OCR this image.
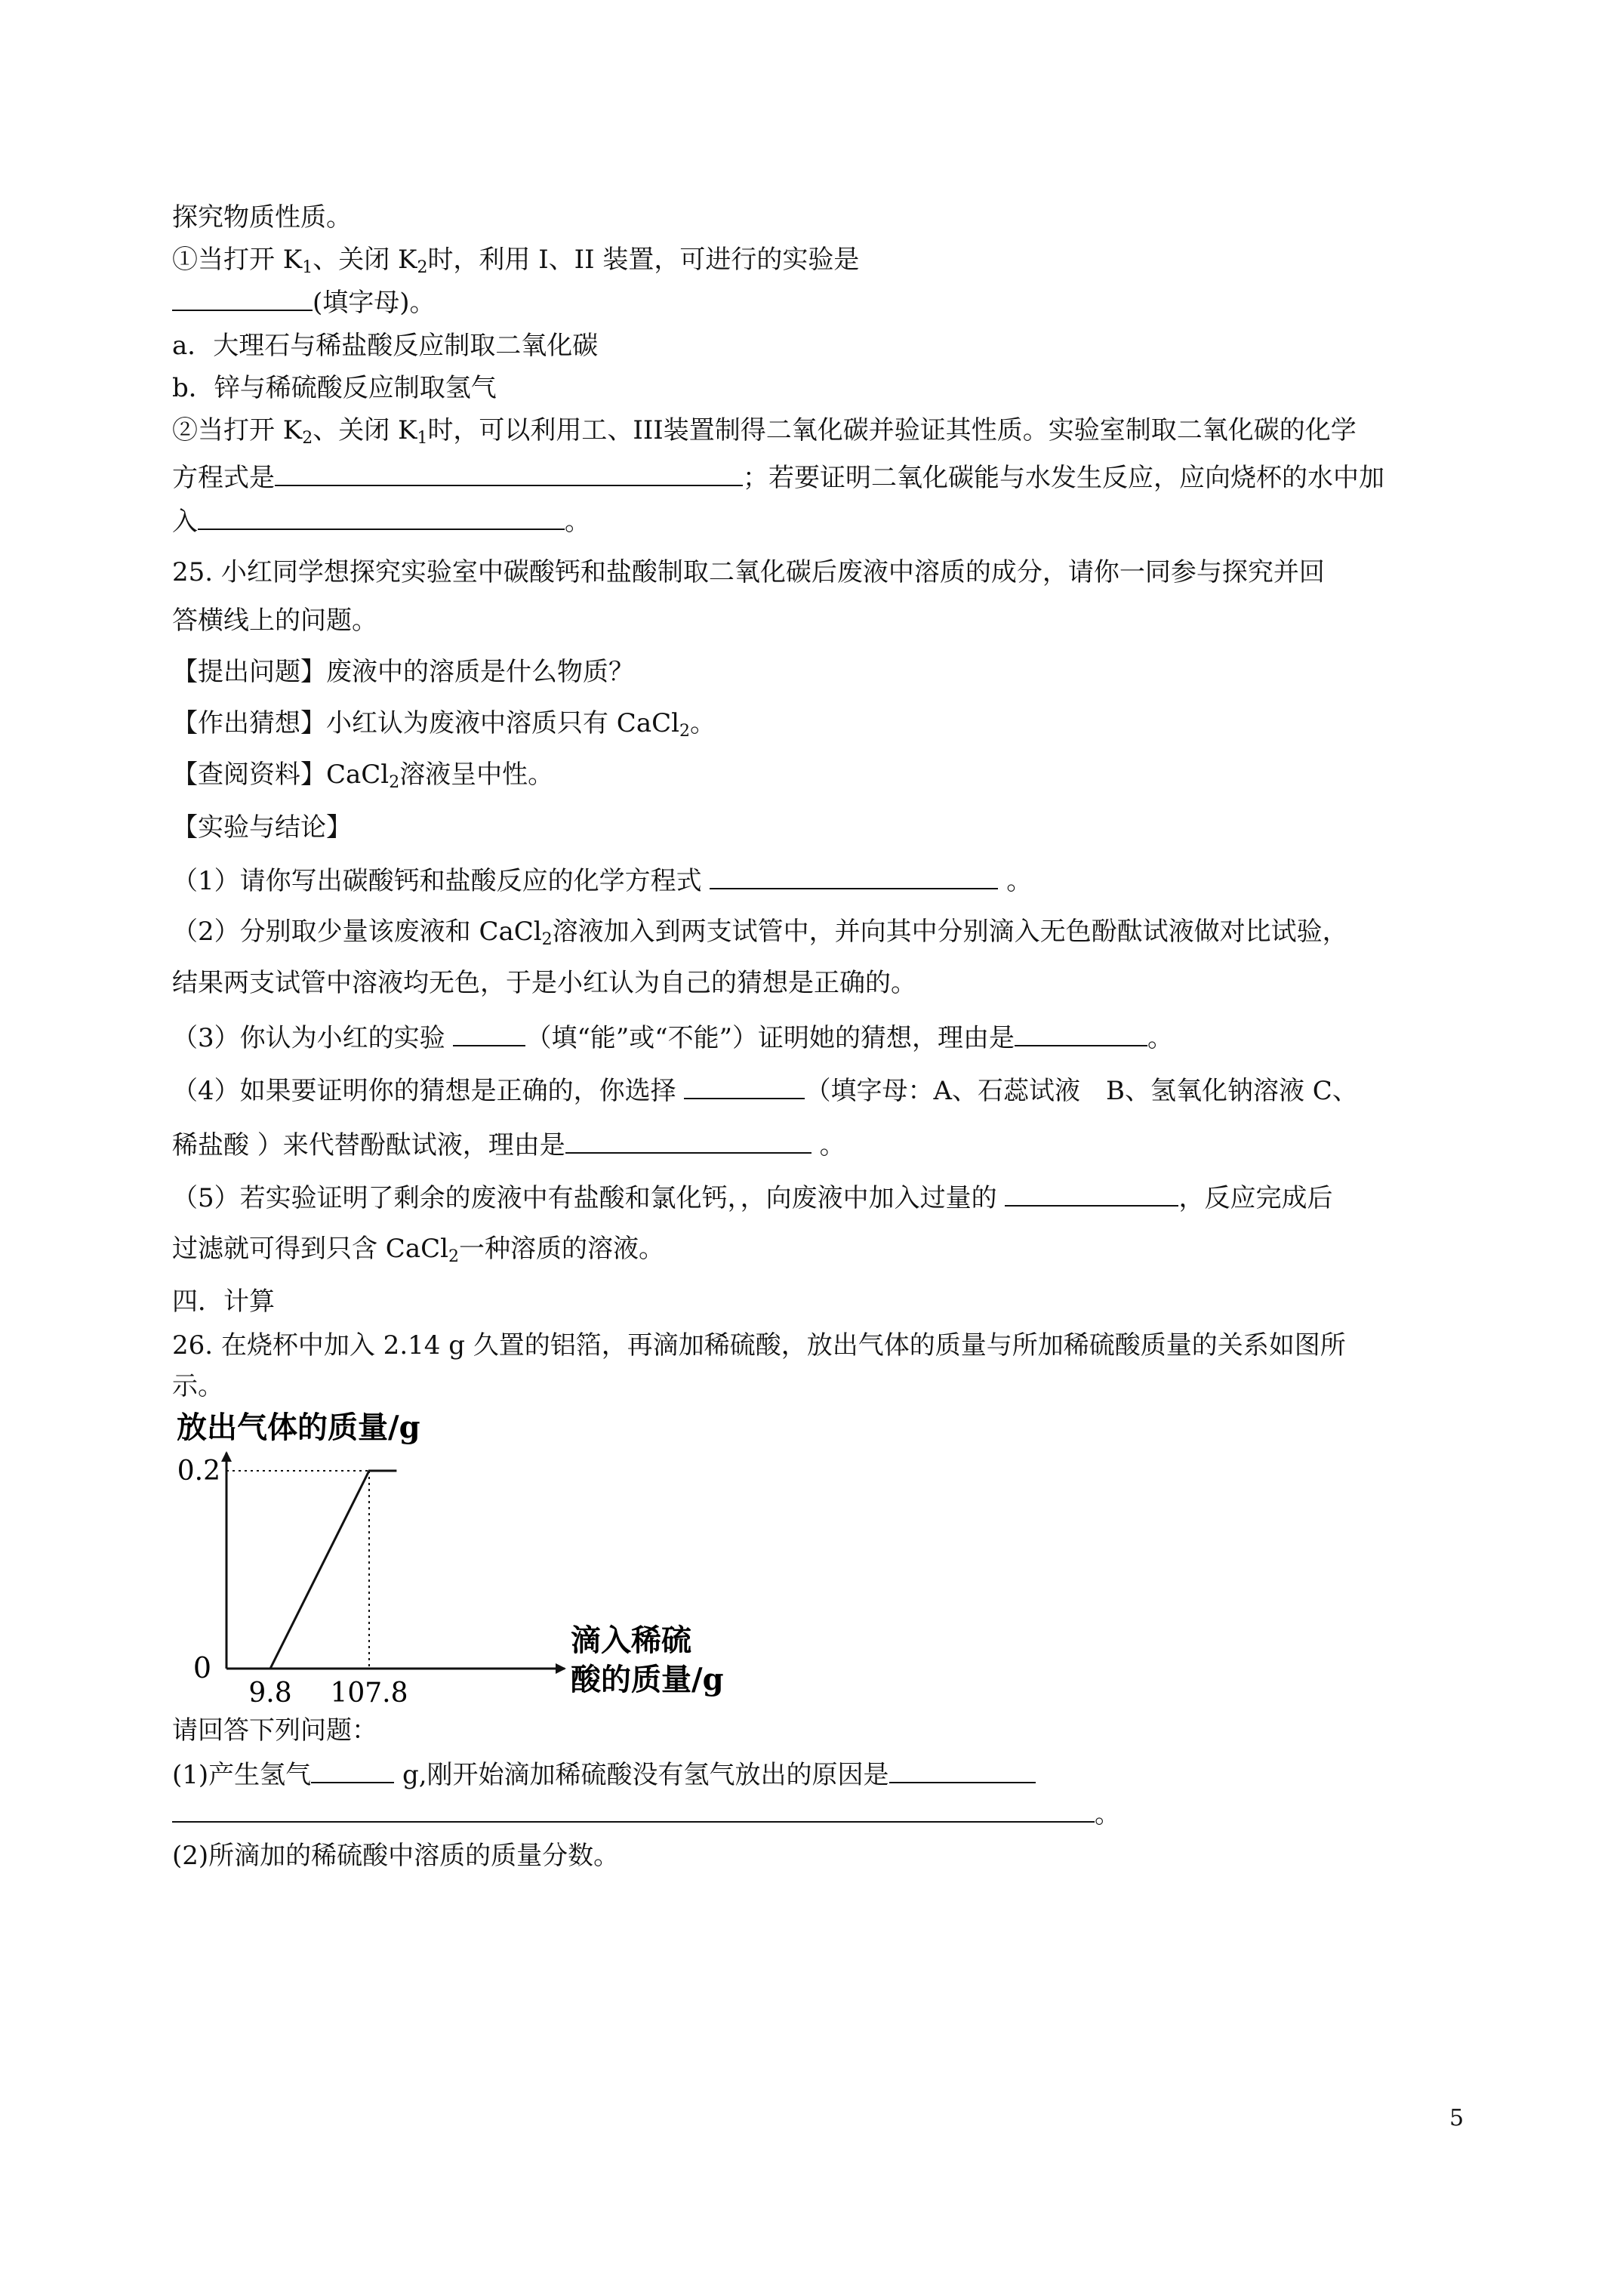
探究物质性质。
①当打开 $K_1$、关闭 $K_2$时，利用 I、II 装置，可进行的实验是
(填字母)。
a．大理石与稀盐酸反应制取二氧化碳
b．锌与稀硫酸反应制取氢气
②当打开 $K_2$、关闭 $K_1$时，可以利用工、III装置制得二氧化碳并验证其性质。实验室制取二氧化碳的化学
方程式是	；若要证明二氧化碳能与水发生反应，应向烧杯的水中加
入	。
25. 小红同学想探究实验室中碳酸钙和盐酸制取二氧化碳后废液中溶质的成分，请你一同参与探究并回
答横线上的问题。
【提出问题】废液中的溶质是什么物质？
【作出猜想】小红认为废液中溶质只有 CaCl$_2$。
【查阅资料】CaCl$_2$溶液呈中性。
【实验与结论】
（1）请你写出碳酸钙和盐酸反应的化学方程式	。
（2）分别取少量该废液和 CaCl$_2$溶液加入到两支试管中，并向其中分别滴入无色酚酞试液做对比试验，
结果两支试管中溶液均无色，于是小红认为自己的猜想是正确的。
（3）你认为小红的实验	（填“能”或“不能”）证明她的猜想，理由是	。
（4）如果要证明你的猜想是正确的，你选择	（填字母：A、石蕊试液　B、氢氧化钠溶液 C、
稀盐酸 ）来代替酚酞试液，理由是	。
（5）若实验证明了剩余的废液中有盐酸和氯化钙，，向废液中加入过量的	，反应完成后
过滤就可得到只含 CaCl$_2$一种溶质的溶液。
四．计算
26. 在烧杯中加入 2.14 g 久置的铝箔，再滴加稀硫酸，放出气体的质量与所加稀硫酸质量的关系如图所
示。
放出气体的质量/g
0
滴入稀硫
酸的质量/g
9.8 107.8
0.2
请回答下列问题：
(1)产生氢气	g,刚开始滴加稀硫酸没有氢气放出的原因是
。
(2)所滴加的稀硫酸中溶质的质量分数。
5
